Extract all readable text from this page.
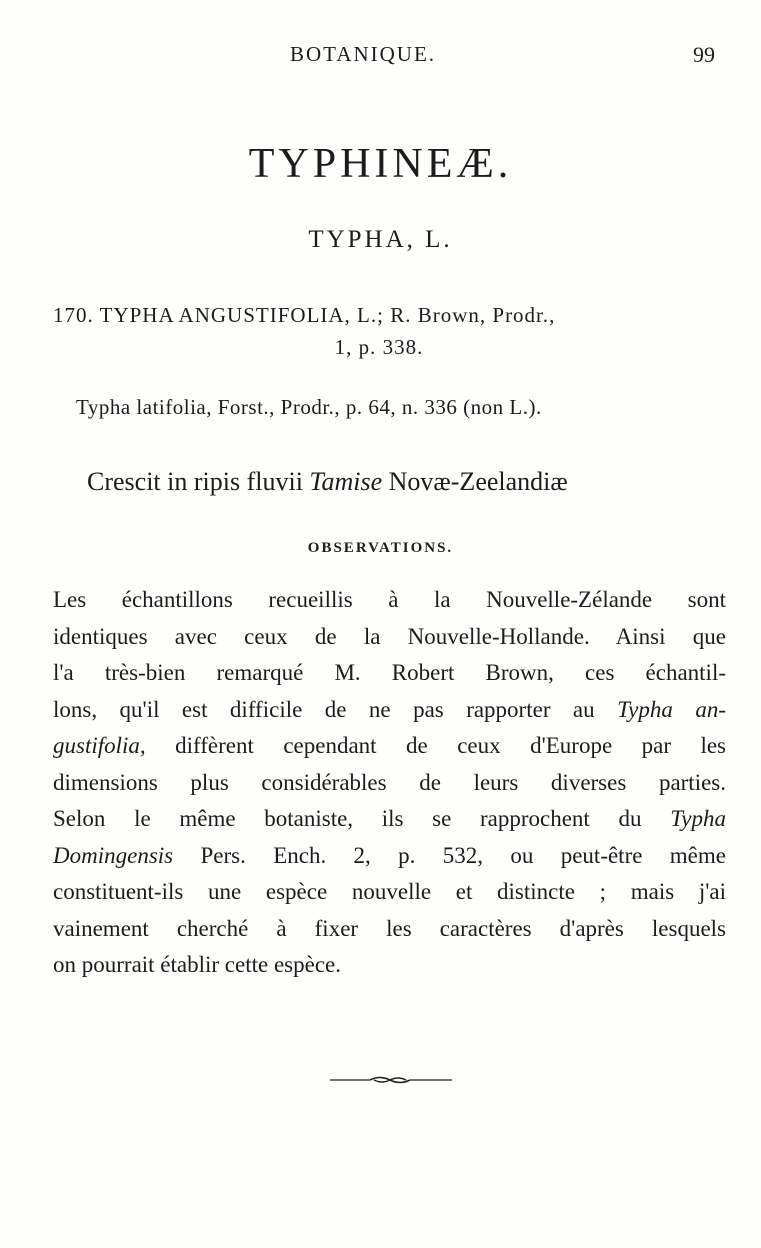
BOTANIQUE.	99
TYPHINEÆ.
TYPHA, L.
170. TYPHA ANGUSTIFOLIA, L.; R. Brown, Prodr.,
1, p. 338.
Typha latifolia, Forst., Prodr., p. 64, n. 336 (non L.).
Crescit in ripis fluvii Tamise Novæ-Zeelandiæ
OBSERVATIONS.
Les échantillons recueillis à la Nouvelle-Zélande sont
identiques avec ceux de la Nouvelle-Hollande. Ainsi que
l'a très-bien remarqué M. Robert Brown, ces échantil-
lons, qu'il est difficile de ne pas rapporter au Typha an-
gustifolia, diffèrent cependant de ceux d'Europe par les
dimensions plus considérables de leurs diverses parties.
Selon le même botaniste, ils se rapprochent du Typha
Domingensis Pers. Ench. 2, p. 532, ou peut-être même
constituent-ils une espèce nouvelle et distincte ; mais j'ai
vainement cherché à fixer les caractères d'après lesquels
on pourrait établir cette espèce.
